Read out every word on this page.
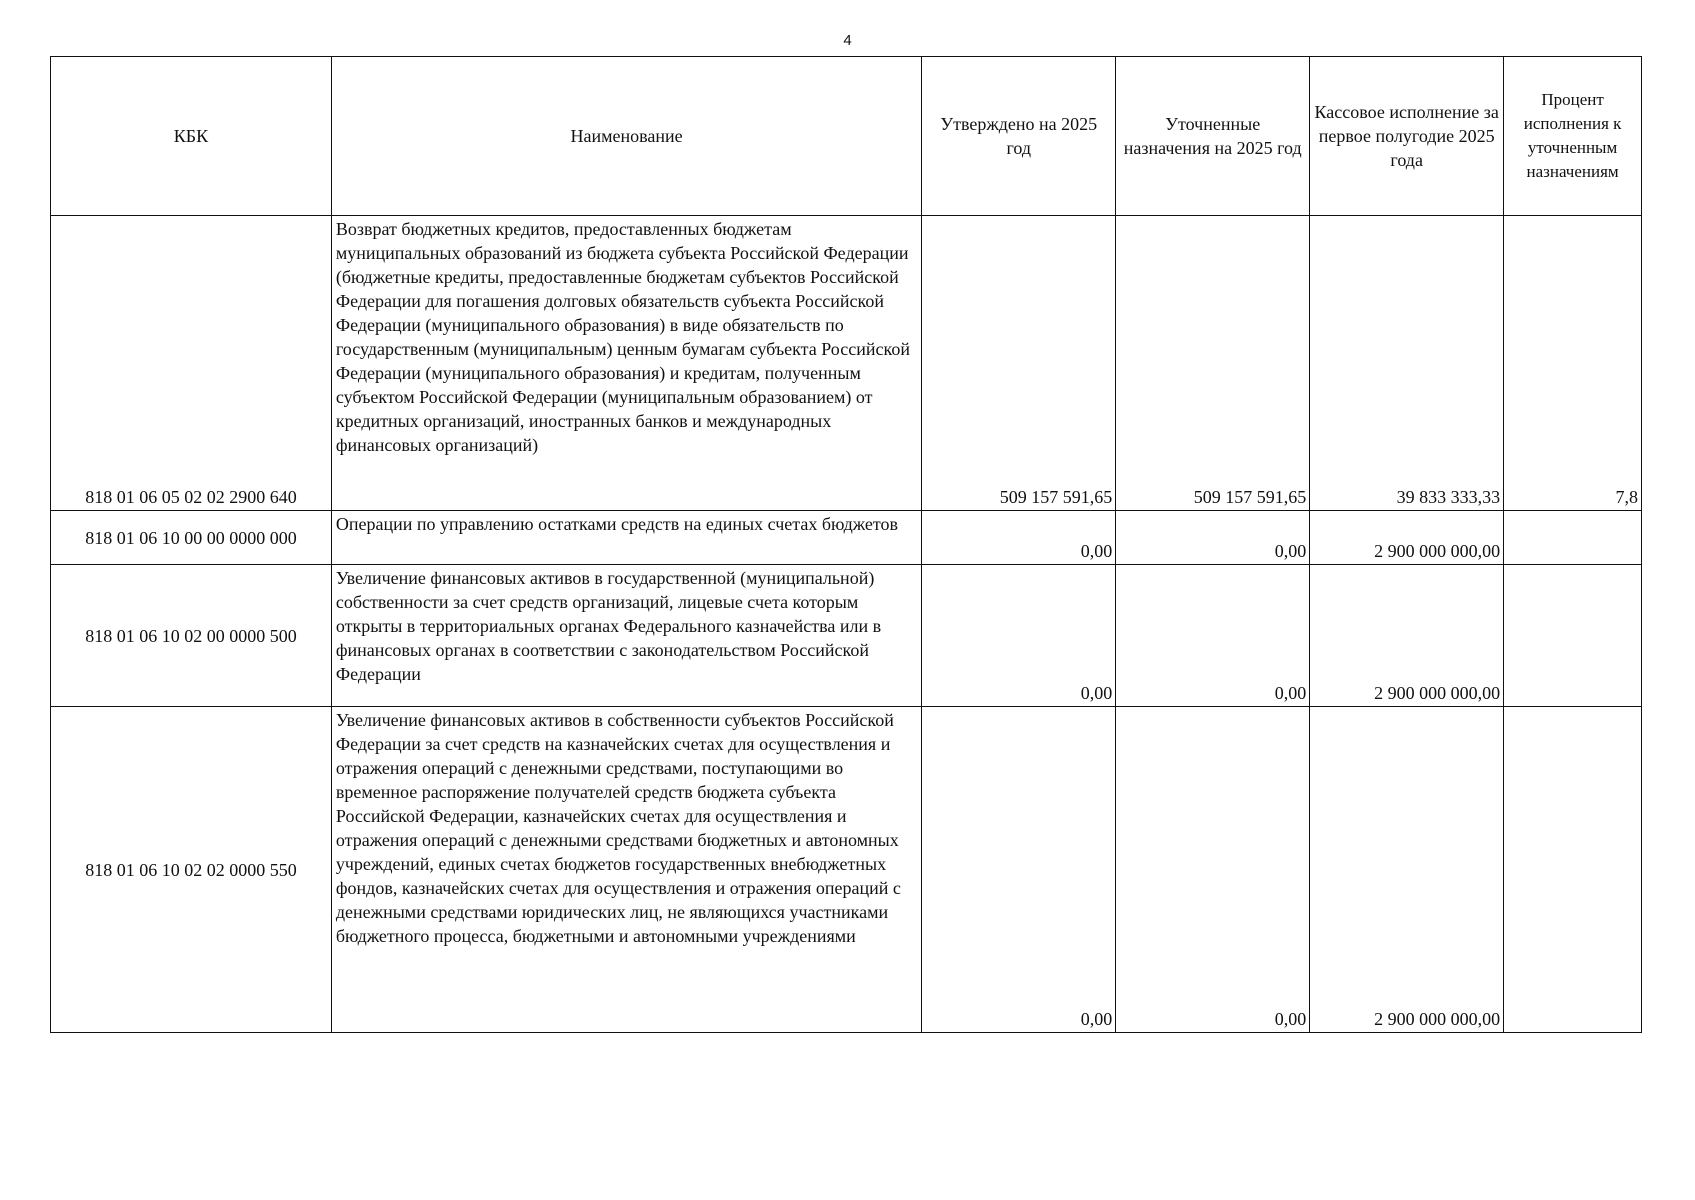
4
КБК	Наименование	Утверждено на 2025 год	Уточненные назначения на 2025 год	Кассовое исполнение за первое полугодие 2025 года	Процент исполнения к уточненным назначениям
818 01 06 05 02 02 2900 640	Возврат бюджетных кредитов, предоставленных бюджетам муниципальных образований из бюджета субъекта Российской Федерации (бюджетные кредиты, предоставленные бюджетам субъектов Российской Федерации для погашения долговых обязательств субъекта Российской Федерации (муниципального образования) в виде обязательств по государственным (муниципальным) ценным бумагам субъекта Российской Федерации (муниципального образования) и кредитам, полученным субъектом Российской Федерации (муниципальным образованием) от кредитных организаций, иностранных банков и международных финансовых организаций)	509 157 591,65	509 157 591,65	39 833 333,33	7,8
818 01 06 10 00 00 0000 000	Операции по управлению остатками средств на единых счетах бюджетов	0,00	0,00	2 900 000 000,00	
818 01 06 10 02 00 0000 500	Увеличение финансовых активов в государственной (муниципальной) собственности за счет средств организаций, лицевые счета которым открыты в территориальных органах Федерального казначейства или в финансовых органах в соответствии с законодательством Российской Федерации	0,00	0,00	2 900 000 000,00	
818 01 06 10 02 02 0000 550	Увеличение финансовых активов в собственности субъектов Российской Федерации за счет средств на казначейских счетах для осуществления и отражения операций с денежными средствами, поступающими во временное распоряжение получателей средств бюджета субъекта Российской Федерации, казначейских счетах для осуществления и отражения операций с денежными средствами бюджетных и автономных учреждений, единых счетах бюджетов государственных внебюджетных фондов, казначейских счетах для осуществления и отражения операций с денежными средствами юридических лиц, не являющихся участниками бюджетного процесса, бюджетными и автономными учреждениями	0,00	0,00	2 900 000 000,00	
